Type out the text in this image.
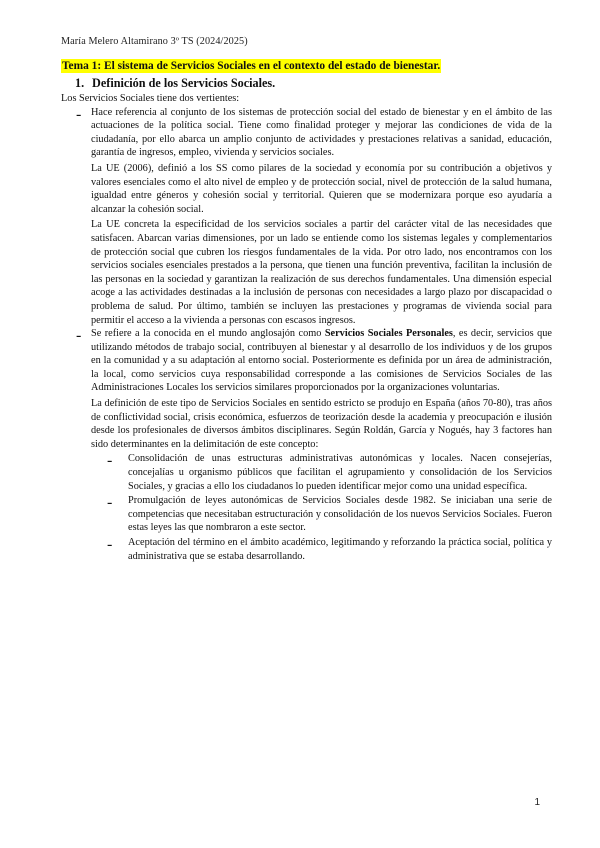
María Melero Altamirano 3º TS (2024/2025)
Tema 1: El sistema de Servicios Sociales en el contexto del estado de bienestar.
1. Definición de los Servicios Sociales.
Los Servicios Sociales tiene dos vertientes:
- Hace referencia al conjunto de los sistemas de protección social del estado de bienestar y en el ámbito de las actuaciones de la política social. Tiene como finalidad proteger y mejorar las condiciones de vida de la ciudadanía, por ello abarca un amplio conjunto de actividades y prestaciones relativas a sanidad, educación, garantía de ingresos, empleo, vivienda y servicios sociales.

La UE (2006), definió a los SS como pilares de la sociedad y economía por su contribución a objetivos y valores esenciales como el alto nivel de empleo y de protección social, nivel de protección de la salud humana, igualdad entre géneros y cohesión social y territorial. Quieren que se modernizara porque eso ayudaría a alcanzar la cohesión social.

La UE concreta la especificidad de los servicios sociales a partir del carácter vital de las necesidades que satisfacen. Abarcan varias dimensiones, por un lado se entiende como los sistemas legales y complementarios de protección social que cubren los riesgos fundamentales de la vida. Por otro lado, nos encontramos con los servicios sociales esenciales prestados a la persona, que tienen una función preventiva, facilitan la inclusión de las personas en la sociedad y garantizan la realización de sus derechos fundamentales. Una dimensión especial acoge a las actividades destinadas a la inclusión de personas con necesidades a largo plazo por discapacidad o problema de salud. Por último, también se incluyen las prestaciones y programas de vivienda social para permitir el acceso a la vivienda a personas con escasos ingresos.

- Se refiere a la conocida en el mundo anglosajón como Servicios Sociales Personales, es decir, servicios que utilizando métodos de trabajo social, contribuyen al bienestar y al desarrollo de los individuos y de los grupos en la comunidad y a su adaptación al entorno social. Posteriormente es definida por un área de administración, la local, como servicios cuya responsabilidad corresponde a las comisiones de Servicios Sociales de las Administraciones Locales los servicios similares proporcionados por la organizaciones voluntarias.

La definición de este tipo de Servicios Sociales en sentido estricto se produjo en España (años 70-80), tras años de conflictividad social, crisis económica, esfuerzos de teorización desde la academia y preocupación e ilusión desde los profesionales de diversos ámbitos disciplinares. Según Roldán, García y Nogués, hay 3 factores han sido determinantes en la delimitación de este concepto:

- Consolidación de unas estructuras administrativas autonómicas y locales. Nacen consejerías, concejalías u organismo públicos que facilitan el agrupamiento y consolidación de los Servicios Sociales, y gracias a ello los ciudadanos lo pueden identificar mejor como una unidad específica.

- Promulgación de leyes autonómicas de Servicios Sociales desde 1982. Se iniciaban una serie de competencias que necesitaban estructuración y consolidación de los nuevos Servicios Sociales. Fueron estas leyes las que nombraron a este sector.

- Aceptación del término en el ámbito académico, legitimando y reforzando la práctica social, política y administrativa que se estaba desarrollando.

1
